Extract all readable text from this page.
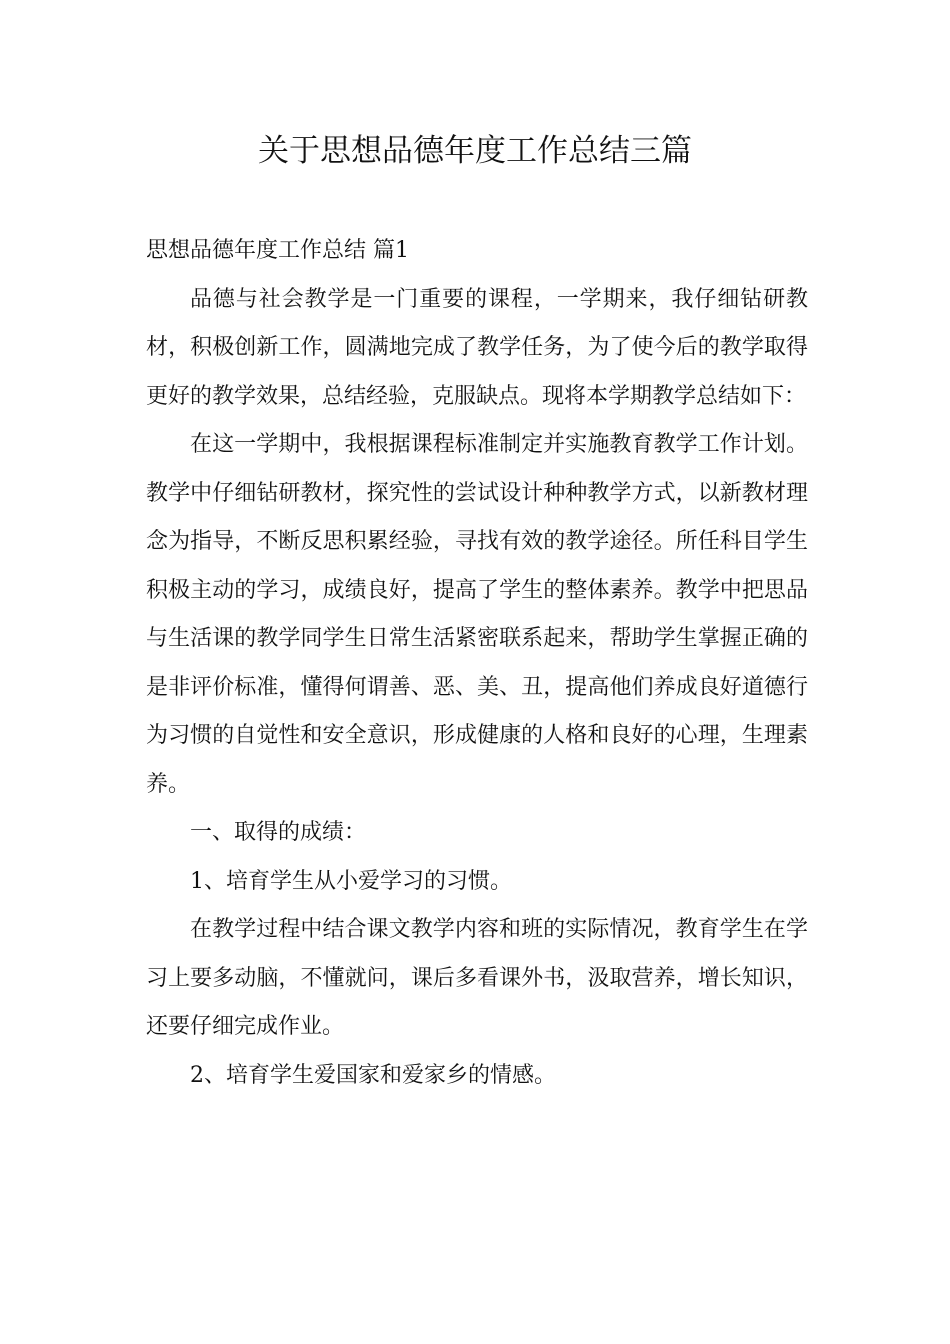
关于思想品德年度工作总结三篇
思想品德年度工作总结 篇1

品德与社会教学是一门重要的课程，一学期来，我仔细钻研教材，积极创新工作，圆满地完成了教学任务，为了使今后的教学取得更好的教学效果，总结经验，克服缺点。现将本学期教学总结如下：

在这一学期中，我根据课程标准制定并实施教育教学工作计划。教学中仔细钻研教材，探究性的尝试设计种种教学方式，以新教材理念为指导，不断反思积累经验，寻找有效的教学途径。所任科目学生积极主动的学习，成绩良好，提高了学生的整体素养。教学中把思品与生活课的教学同学生日常生活紧密联系起来，帮助学生掌握正确的是非评价标准，懂得何谓善、恶、美、丑，提高他们养成良好道德行为习惯的自觉性和安全意识，形成健康的人格和良好的心理，生理素养。

一、取得的成绩：

1、培育学生从小爱学习的习惯。

在教学过程中结合课文教学内容和班的实际情况，教育学生在学习上要多动脑，不懂就问，课后多看课外书，汲取营养，增长知识，还要仔细完成作业。

2、培育学生爱国家和爱家乡的情感。
